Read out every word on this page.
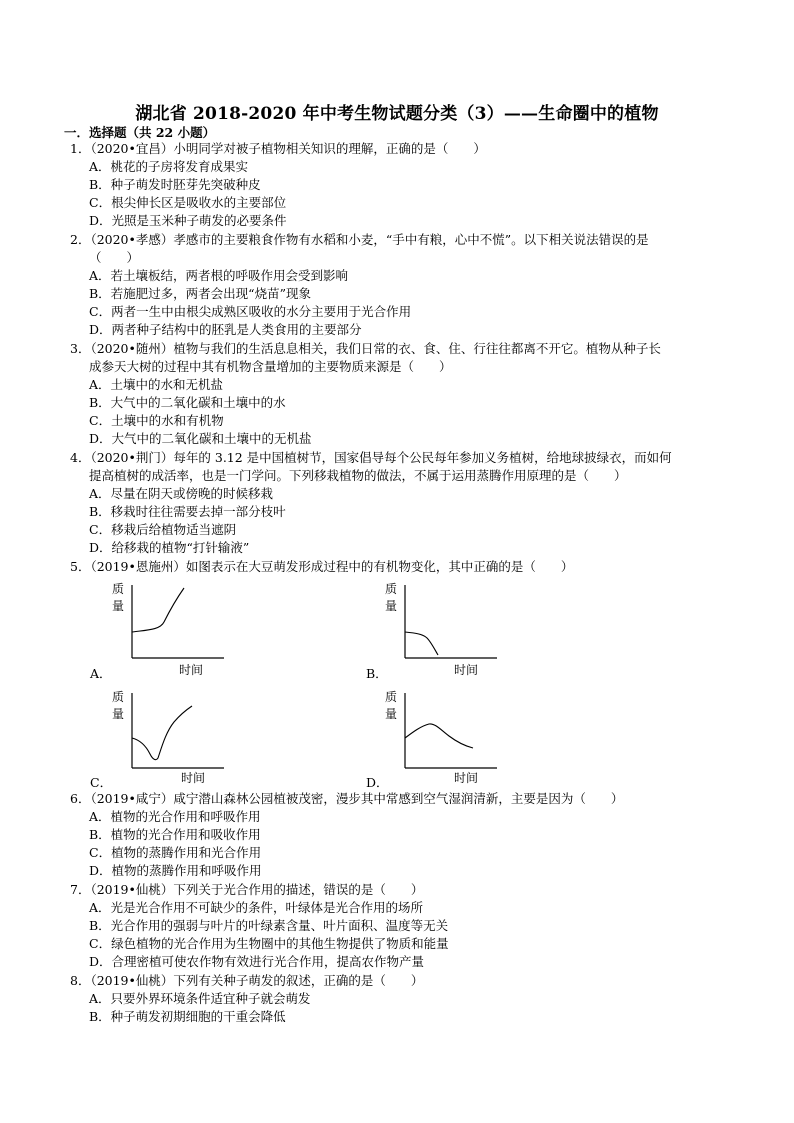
湖北省 2018-2020 年中考生物试题分类（3）——生命圈中的植物
一．选择题（共 22 小题）
1．（2020•宜昌）小明同学对被子植物相关知识的理解，正确的是（　　）
A．桃花的子房将发育成果实
B．种子萌发时胚芽先突破种皮
C．根尖伸长区是吸收水的主要部位
D．光照是玉米种子萌发的必要条件
2．（2020•孝感）孝感市的主要粮食作物有水稻和小麦，“手中有粮，心中不慌”。以下相关说法错误的是
（　　）
A．若土壤板结，两者根的呼吸作用会受到影响
B．若施肥过多，两者会出现“烧苗”现象
C．两者一生中由根尖成熟区吸收的水分主要用于光合作用
D．两者种子结构中的胚乳是人类食用的主要部分
3．（2020•随州）植物与我们的生活息息相关，我们日常的衣、食、住、行往往都离不开它。植物从种子长
成参天大树的过程中其有机物含量增加的主要物质来源是（　　）
A．土壤中的水和无机盐
B．大气中的二氧化碳和土壤中的水
C．土壤中的水和有机物
D．大气中的二氧化碳和土壤中的无机盐
4．（2020•荆门）每年的 3.12 是中国植树节，国家倡导每个公民每年参加义务植树，给地球披绿衣，而如何
提高植树的成活率，也是一门学问。下列移栽植物的做法，不属于运用蒸腾作用原理的是（　　）
A．尽量在阴天或傍晚的时候移栽
B．移栽时往往需要去掉一部分枝叶
C．移栽后给植物适当遮阴
D．给移栽的植物“打针输液”
5．（2019•恩施州）如图表示在大豆萌发形成过程中的有机物变化，其中正确的是（　　）
质
量
时间
A．
质
量
时间
B．
质
量
时间
C．
质
量
时间
D．
6．（2019•咸宁）咸宁潜山森林公园植被茂密，漫步其中常感到空气湿润清新，主要是因为（　　）
A．植物的光合作用和呼吸作用
B．植物的光合作用和吸收作用
C．植物的蒸腾作用和光合作用
D．植物的蒸腾作用和呼吸作用
7．（2019•仙桃）下列关于光合作用的描述，错误的是（　　）
A．光是光合作用不可缺少的条件，叶绿体是光合作用的场所
B．光合作用的强弱与叶片的叶绿素含量、叶片面积、温度等无关
C．绿色植物的光合作用为生物圈中的其他生物提供了物质和能量
D．合理密植可使农作物有效进行光合作用，提高农作物产量
8．（2019•仙桃）下列有关种子萌发的叙述，正确的是（　　）
A．只要外界环境条件适宜种子就会萌发
B．种子萌发初期细胞的干重会降低
